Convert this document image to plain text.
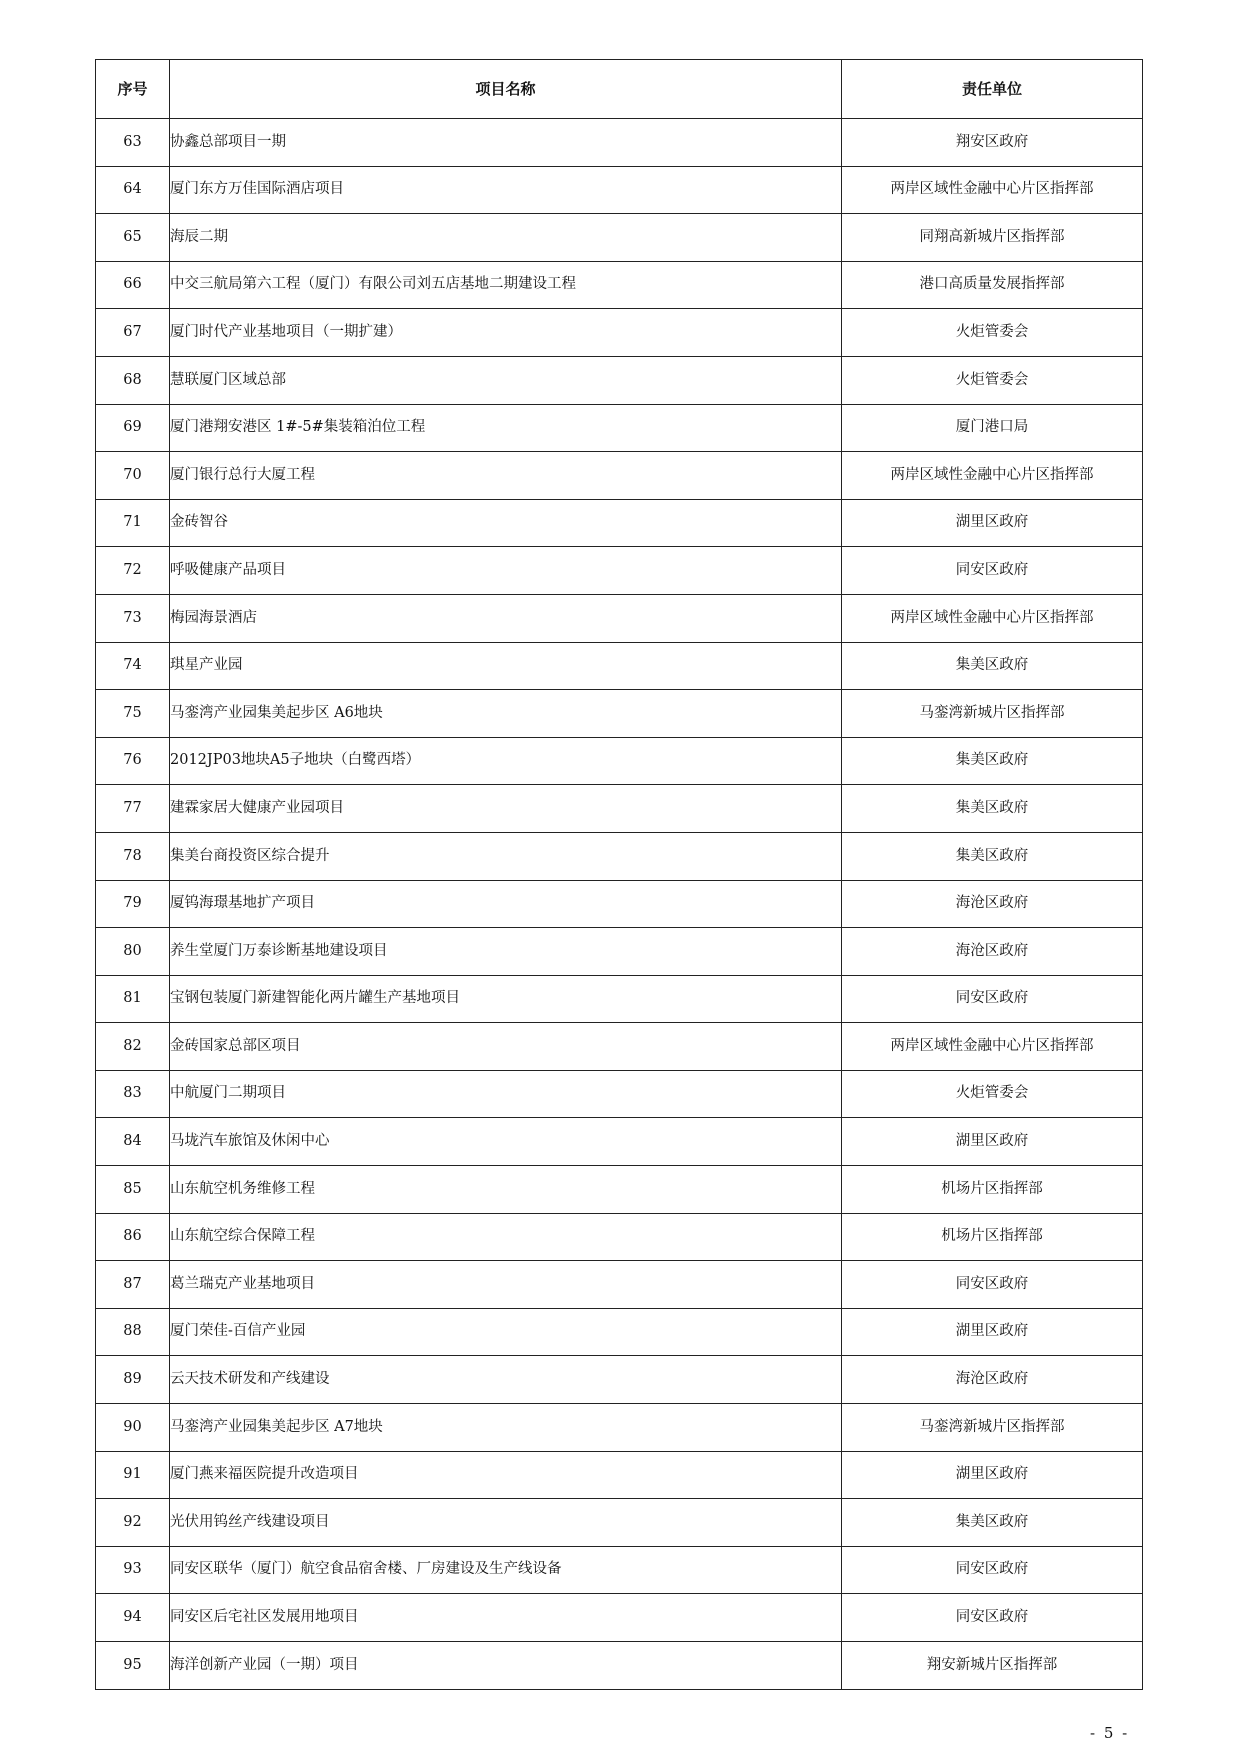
序号	项目名称	责任单位
63	协鑫总部项目一期	翔安区政府
64	厦门东方万佳国际酒店项目	两岸区域性金融中心片区指挥部
65	海辰二期	同翔高新城片区指挥部
66	中交三航局第六工程（厦门）有限公司刘五店基地二期建设工程	港口高质量发展指挥部
67	厦门时代产业基地项目（一期扩建）	火炬管委会
68	慧联厦门区域总部	火炬管委会
69	厦门港翔安港区 1#-5#集装箱泊位工程	厦门港口局
70	厦门银行总行大厦工程	两岸区域性金融中心片区指挥部
71	金砖智谷	湖里区政府
72	呼吸健康产品项目	同安区政府
73	梅园海景酒店	两岸区域性金融中心片区指挥部
74	琪星产业园	集美区政府
75	马銮湾产业园集美起步区 A6地块	马銮湾新城片区指挥部
76	2012JP03地块A5子地块（白鹭西塔）	集美区政府
77	建霖家居大健康产业园项目	集美区政府
78	集美台商投资区综合提升	集美区政府
79	厦钨海璟基地扩产项目	海沧区政府
80	养生堂厦门万泰诊断基地建设项目	海沧区政府
81	宝钢包装厦门新建智能化两片罐生产基地项目	同安区政府
82	金砖国家总部区项目	两岸区域性金融中心片区指挥部
83	中航厦门二期项目	火炬管委会
84	马垅汽车旅馆及休闲中心	湖里区政府
85	山东航空机务维修工程	机场片区指挥部
86	山东航空综合保障工程	机场片区指挥部
87	葛兰瑞克产业基地项目	同安区政府
88	厦门荣佳-百信产业园	湖里区政府
89	云天技术研发和产线建设	海沧区政府
90	马銮湾产业园集美起步区 A7地块	马銮湾新城片区指挥部
91	厦门燕来福医院提升改造项目	湖里区政府
92	光伏用钨丝产线建设项目	集美区政府
93	同安区联华（厦门）航空食品宿舍楼、厂房建设及生产线设备	同安区政府
94	同安区后宅社区发展用地项目	同安区政府
95	海洋创新产业园（一期）项目	翔安新城片区指挥部
- 5 -
